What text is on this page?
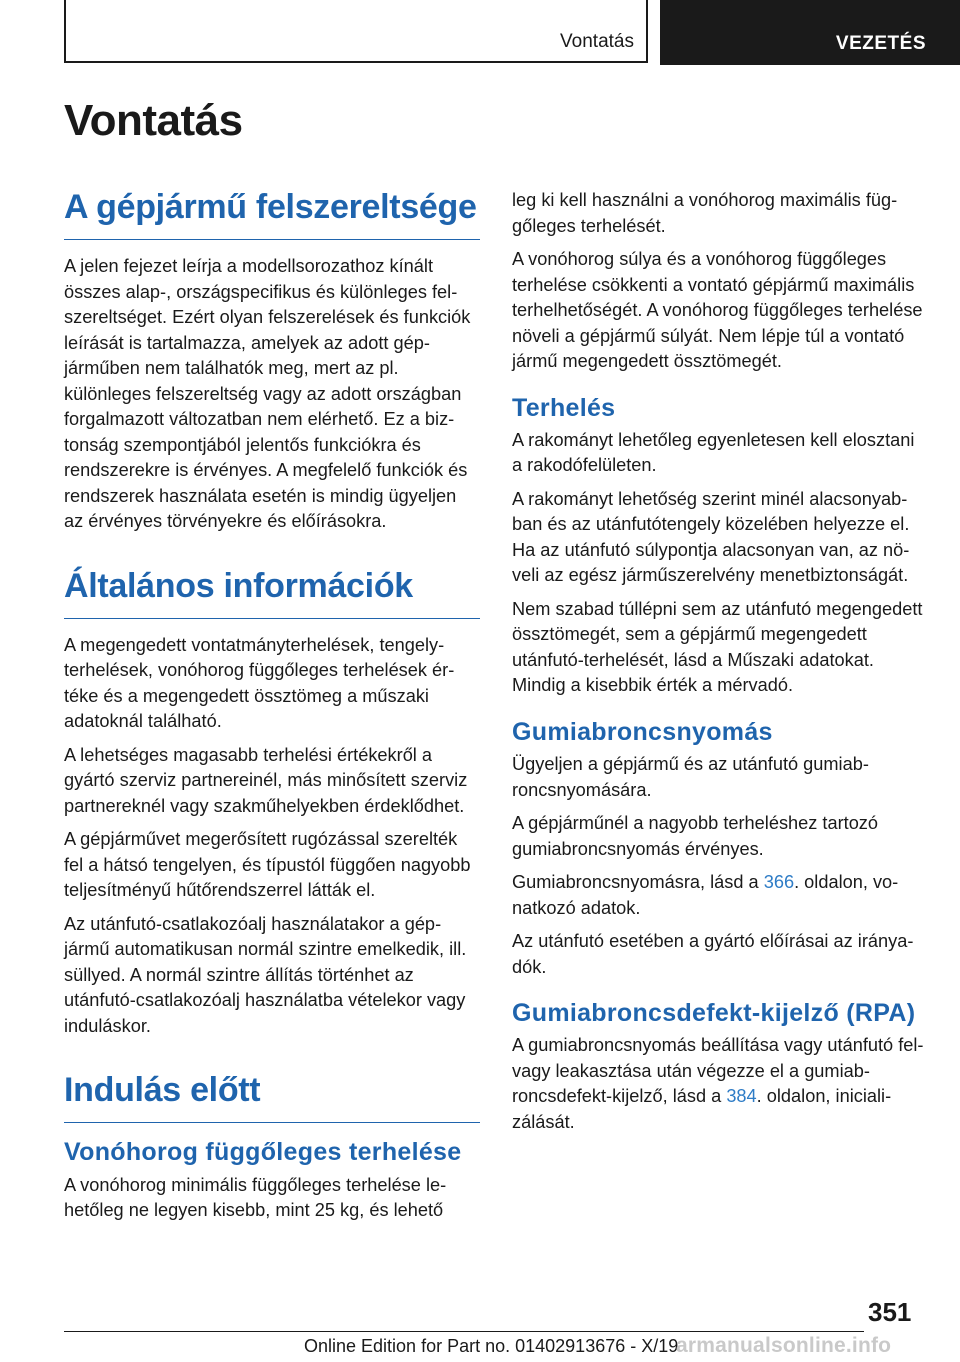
Vontatás	VEZETÉS
Vontatás
A gépjármű felszereltsége

A jelen fejezet leírja a modellsorozathoz kínált összes alap-, országspecifikus és különleges felszereltséget. Ezért olyan felszerelések és funkciók leírását is tartalmazza, amelyek az adott gépjárműben nem találhatók meg, mert az pl. különleges felszereltség vagy az adott országban forgalmazott változatban nem elérhető. Ez a biztonság szempontjából jelentős funkciókra és rendszerekre is érvényes. A megfelelő funkciók és rendszerek használata esetén is mindig ügyeljen az érvényes törvényekre és előírásokra.

Általános információk

A megengedett vontatmányterhelések, tengelyterhelések, vonóhorog függőleges terhelések értéke és a megengedett össztömeg a műszaki adatoknál található.

A lehetséges magasabb terhelési értékekről a gyártó szerviz partnereinél, más minősített szerviz partnereknél vagy szakműhelyekben érdeklődhet.

A gépjárművet megerősített rugózással szerelték fel a hátsó tengelyen, és típustól függően nagyobb teljesítményű hűtőrendszerrel látták el.

Az utánfutó-csatlakozóalj használatakor a gépjármű automatikusan normál szintre emelkedik, ill. süllyed. A normál szintre állítás történhet az utánfutó-csatlakozóalj használatba vételekor vagy induláskor.

Indulás előtt
Vonóhorog függőleges terhelése

A vonóhorog minimális függőleges terhelése lehetőleg ne legyen kisebb, mint 25 kg, és lehető

leg ki kell használni a vonóhorog maximális függőleges terhelését.

A vonóhorog súlya és a vonóhorog függőleges terhelése csökkenti a vontató gépjármű maximális terhelhetőségét. A vonóhorog függőleges terhelése növeli a gépjármű súlyát. Nem lépje túl a vontató jármű megengedett össztömegét.

Terhelés

A rakományt lehetőleg egyenletesen kell elosztani a rakodófelületen.

A rakományt lehetőség szerint minél alacsonyabban és az utánfutótengely közelében helyezze el. Ha az utánfutó súlypontja alacsonyan van, az növeli az egész járműszerelvény menetbiztonságát.

Nem szabad túllépni sem az utánfutó megengedett össztömegét, sem a gépjármű megengedett utánfutó-terhelését, lásd a Műszaki adatokat. Mindig a kisebbik érték a mérvadó.

Gumiabroncsnyomás

Ügyeljen a gépjármű és az utánfutó gumiabroncsnyomására.

A gépjárműnél a nagyobb terheléshez tartozó gumiabroncsnyomás érvényes.

Gumiabroncsnyomásra, lásd a 366. oldalon, vonatkozó adatok.

Az utánfutó esetében a gyártó előírásai az irányadók.

Gumiabroncsdefekt-kijelző (RPA)

A gumiabroncsnyomás beállítása vagy utánfutó fel- vagy leakasztása után végezze el a gumiabroncsdefekt-kijelző, lásd a 384. oldalon, inicializálását.

351
Online Edition for Part no. 01402913676 - X/19
armanualsonline.info
